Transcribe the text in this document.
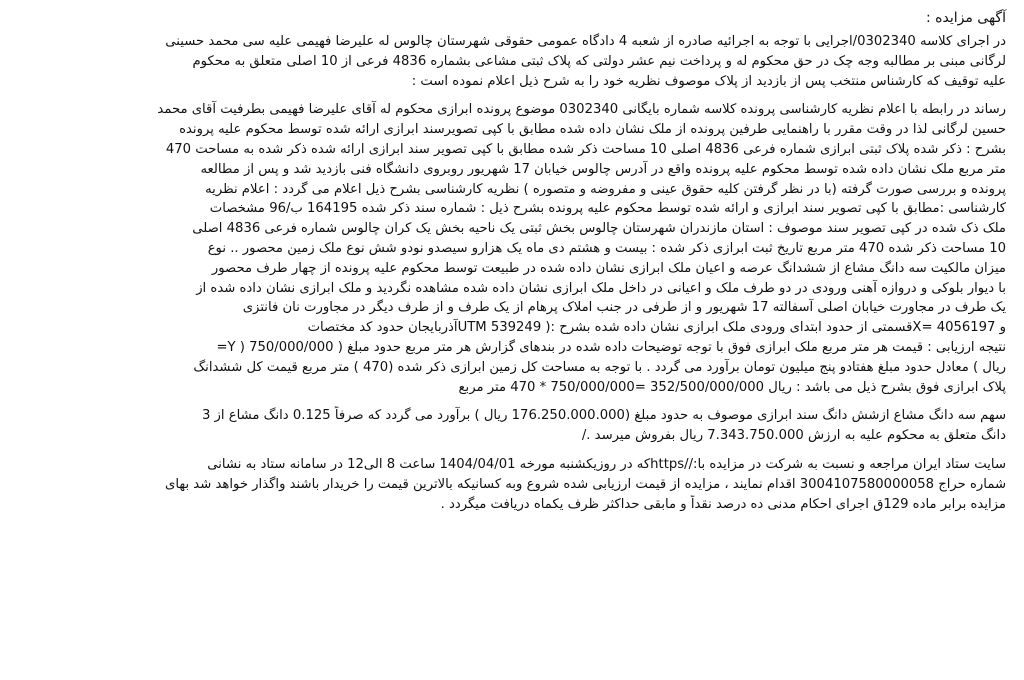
آگهی مزایده :
در اجرای کلاسه 0302340/اجرایی با توجه به اجرائیه صادره از شعبه 4 دادگاه عمومی حقوقی شهرستان چالوس له علیرضا فهیمی علیه سی محمد حسینی
لرگانی مبنی بر مطالبه وجه چک در حق محکوم له و پرداخت نیم عشر دولتی که پلاک ثبتی مشاعی بشماره 4836 فرعی از 10 اصلی متعلق به محکوم
علیه توقیف که کارشناس منتخب پس از بازدید از پلاک موصوف نظریه خود را به شرح ذیل اعلام نموده است :
رساند در رابطه با اعلام نظریه کارشناسی پرونده کلاسه شماره بایگانی 0302340 موضوع پرونده ابرازی محکوم له آقای علیرضا فهیمی بطرفیت آقای محمد
حسین لرگانی لذا در وقت مقرر با راهنمایی طرفین پرونده از ملک نشان داده شده مطابق با کپی تصویرسند ابرازی ارائه شده توسط محکوم علیه پرونده
بشرح : ذکر شده پلاک ثبتی ابرازی شماره فرعی 4836 اصلی 10 مساحت ذکر شده مطابق با کپی تصویر سند ابرازی ارائه شده ذکر شده به مساحت 470
متر مربع ملک نشان داده شده توسط محکوم علیه پرونده واقع در آدرس چالوس خیابان 17 شهریور روبروی دانشگاه فنی بازدید شد و پس از مطالعه
پرونده و بررسی صورت گرفته (با در نظر گرفتن کلیه حقوق عینی و مفروضه و متصوره ) نظریه کارشناسی بشرح ذیل اعلام می گردد : اعلام نظریه
کارشناسی :مطابق با کپی تصویر سند ابرازی و ارائه شده توسط محکوم علیه پرونده بشرح ذیل : شماره سند ذکر شده 164195 ب/96 مشخصات
ملک ذک شده در کپی تصویر سند موصوف : استان مازندران شهرستان چالوس بخش ثبتی یک ناحیه بخش یک کران چالوس شماره فرعی 4836 اصلی
10 مساحت ذکر شده 470 متر مربع تاریخ ثبت ابرازی ذکر شده : بیست و هشتم دی ماه یک هزارو سیصدو نودو شش نوع ملک زمین محصور .. نوع
میزان مالکیت سه دانگ مشاع از ششدانگ عرصه و اعیان ملک ابرازی نشان داده شده در طبیعت توسط محکوم علیه پرونده از چهار طرف محصور
با دیوار بلوکی و دروازه آهنی ورودی در دو طرف ملک و اعیانی در داخل ملک ابرازی نشان داده شده مشاهده نگردید و ملک ابرازی نشان داده شده از
یک طرف در مجاورت خیابان اصلی آسفالته 17 شهریور و از طرفی در جنب املاک پرهام از یک طرف و از طرف دیگر در مجاورت نان فانتزی
و 4056197 =Xقسمتی از حدود ابتدای ورودی ملک ابرازی نشان داده شده بشرح :( 539249 UTMآذربایجان حدود کد مختصات
نتیجه ارزیابی : قیمت هر متر مربع ملک ابرازی فوق با توجه توضیحات داده شده در بندهای گزارش هر متر مربع حدود مبلغ ( 750/000/000 ( Y=
ریال ) معادل حدود مبلغ هفتادو پنج میلیون تومان برآورد می گردد . با توجه به مساحت کل زمین ابرازی ذکر شده (470 ) متر مربع قیمت کل ششدانگ
پلاک ابرازی فوق بشرح ذیل می باشد : ریال 352/500/000/000 =750/000/000 * 470 متر مربع
سهم سه دانگ مشاع ازشش دانگ سند ابرازی موصوف به حدود مبلغ (176.250.000.000 ریال ) برآورد می گردد که صرفاً 0.125 دانگ مشاع از 3
دانگ متعلق به محکوم علیه به ارزش 7.343.750.000 ریال بفروش میرسد ./
سایت ستاد ایران مراجعه و نسبت به شرکت در مزایده با://httpsکه در روزیکشنبه مورخه 1404/04/01 ساعت 8 الی12 در سامانه ستاد به نشانی
شماره حراج 3004107580000058 اقدام نمایند ، مزایده از قیمت ارزیابی شده شروع وبه کسانیکه بالاترین قیمت را خریدار باشند واگذار خواهد شد بهای
مزایده برابر ماده 129ق اجرای احکام مدنی ده درصد نقداً و مابقی حداکثر ظرف یکماه دریافت میگردد .
